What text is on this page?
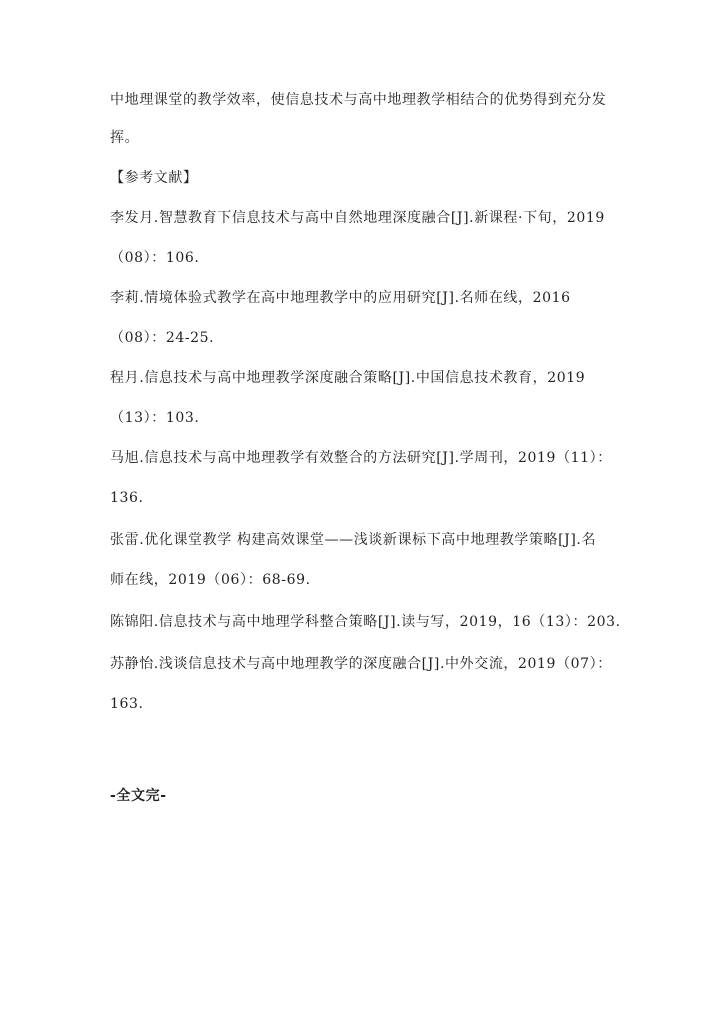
中地理课堂的教学效率，使信息技术与高中地理教学相结合的优势得到充分发
挥。
【参考文献】
李发月.智慧教育下信息技术与高中自然地理深度融合[J].新课程·下旬，2019
（08）：106.
李莉.情境体验式教学在高中地理教学中的应用研究[J].名师在线，2016
（08）：24-25.
程月.信息技术与高中地理教学深度融合策略[J].中国信息技术教育，2019
（13）：103.
马旭.信息技术与高中地理教学有效整合的方法研究[J].学周刊，2019（11）：
136.
张雷.优化课堂教学 构建高效课堂——浅谈新课标下高中地理教学策略[J].名
师在线，2019（06）：68-69.
陈锦阳.信息技术与高中地理学科整合策略[J].读与写，2019，16（13）：203.
苏静怡.浅谈信息技术与高中地理教学的深度融合[J].中外交流，2019（07）：
163.
-全文完-
